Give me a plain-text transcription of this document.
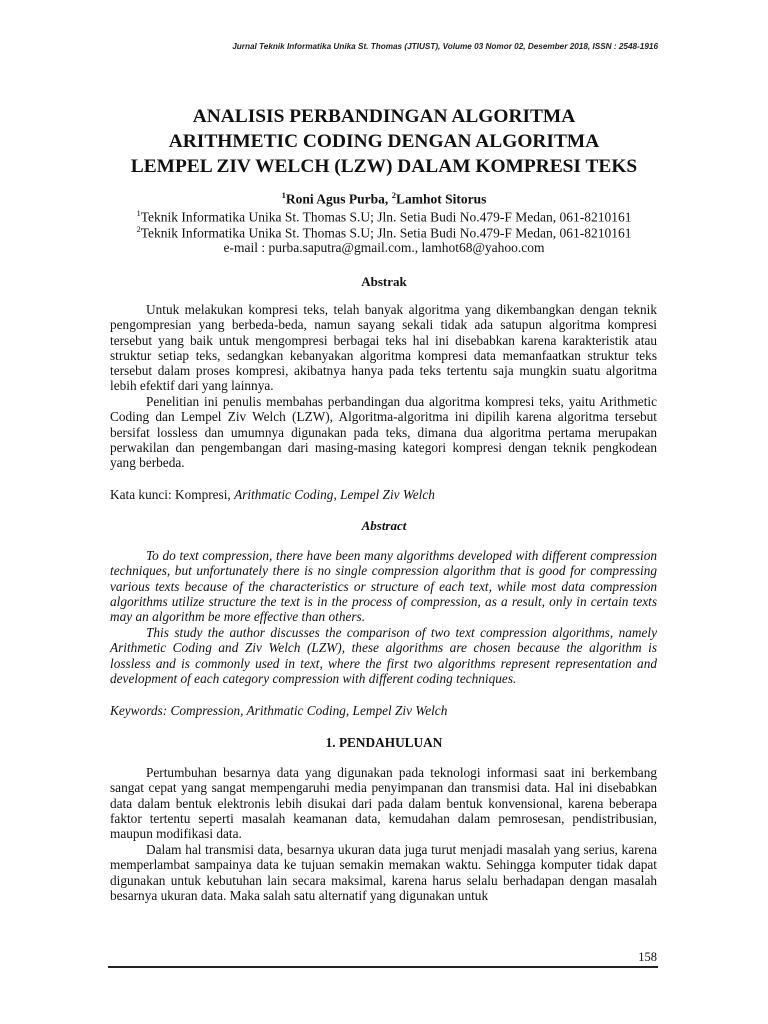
Jurnal Teknik Informatika Unika St. Thomas (JTIUST), Volume 03 Nomor 02, Desember 2018, ISSN : 2548-1916
ANALISIS PERBANDINGAN ALGORITMA
ARITHMETIC CODING DENGAN ALGORITMA
LEMPEL ZIV WELCH (LZW) DALAM KOMPRESI TEKS
$^1$Roni Agus Purba, $^2$Lamhot Sitorus
$^1$Teknik Informatika Unika St. Thomas S.U; Jln. Setia Budi No.479-F Medan, 061-8210161
$^2$Teknik Informatika Unika St. Thomas S.U; Jln. Setia Budi No.479-F Medan, 061-8210161
e-mail : purba.saputra@gmail.com., lamhot68@yahoo.com
Abstrak

Untuk melakukan kompresi teks, telah banyak algoritma yang dikembangkan dengan teknik pengompresian yang berbeda-beda, namun sayang sekali tidak ada satupun algoritma kompresi tersebut yang baik untuk mengompresi berbagai teks hal ini disebabkan karena karakteristik atau struktur setiap teks, sedangkan kebanyakan algoritma kompresi data memanfaatkan struktur teks tersebut dalam proses kompresi, akibatnya hanya pada teks tertentu saja mungkin suatu algoritma lebih efektif dari yang lainnya.

Penelitian ini penulis membahas perbandingan dua algoritma kompresi teks, yaitu Arithmetic Coding dan Lempel Ziv Welch (LZW), Algoritma-algoritma ini dipilih karena algoritma tersebut bersifat lossless dan umumnya digunakan pada teks, dimana dua algoritma pertama merupakan perwakilan dan pengembangan dari masing-masing kategori kompresi dengan teknik pengkodean yang berbeda.

Kata kunci: Kompresi, Arithmatic Coding, Lempel Ziv Welch
Abstract

To do text compression, there have been many algorithms developed with different compression techniques, but unfortunately there is no single compression algorithm that is good for compressing various texts because of the characteristics or structure of each text, while most data compression algorithms utilize structure the text is in the process of compression, as a result, only in certain texts may an algorithm be more effective than others.

This study the author discusses the comparison of two text compression algorithms, namely Arithmetic Coding and Ziv Welch (LZW), these algorithms are chosen because the algorithm is lossless and is commonly used in text, where the first two algorithms represent representation and development of each category compression with different coding techniques.

Keywords: Compression, Arithmatic Coding, Lempel Ziv Welch
1. PENDAHULUAN

Pertumbuhan besarnya data yang digunakan pada teknologi informasi saat ini berkembang sangat cepat yang sangat mempengaruhi media penyimpanan dan transmisi data. Hal ini disebabkan data dalam bentuk elektronis lebih disukai dari pada dalam bentuk konvensional, karena beberapa faktor tertentu seperti masalah keamanan data, kemudahan dalam pemrosesan, pendistribusian, maupun modifikasi data.

Dalam hal transmisi data, besarnya ukuran data juga turut menjadi masalah yang serius, karena memperlambat sampainya data ke tujuan semakin memakan waktu. Sehingga komputer tidak dapat digunakan untuk kebutuhan lain secara maksimal, karena harus selalu berhadapan dengan masalah besarnya ukuran data. Maka salah satu alternatif yang digunakan untuk

158
